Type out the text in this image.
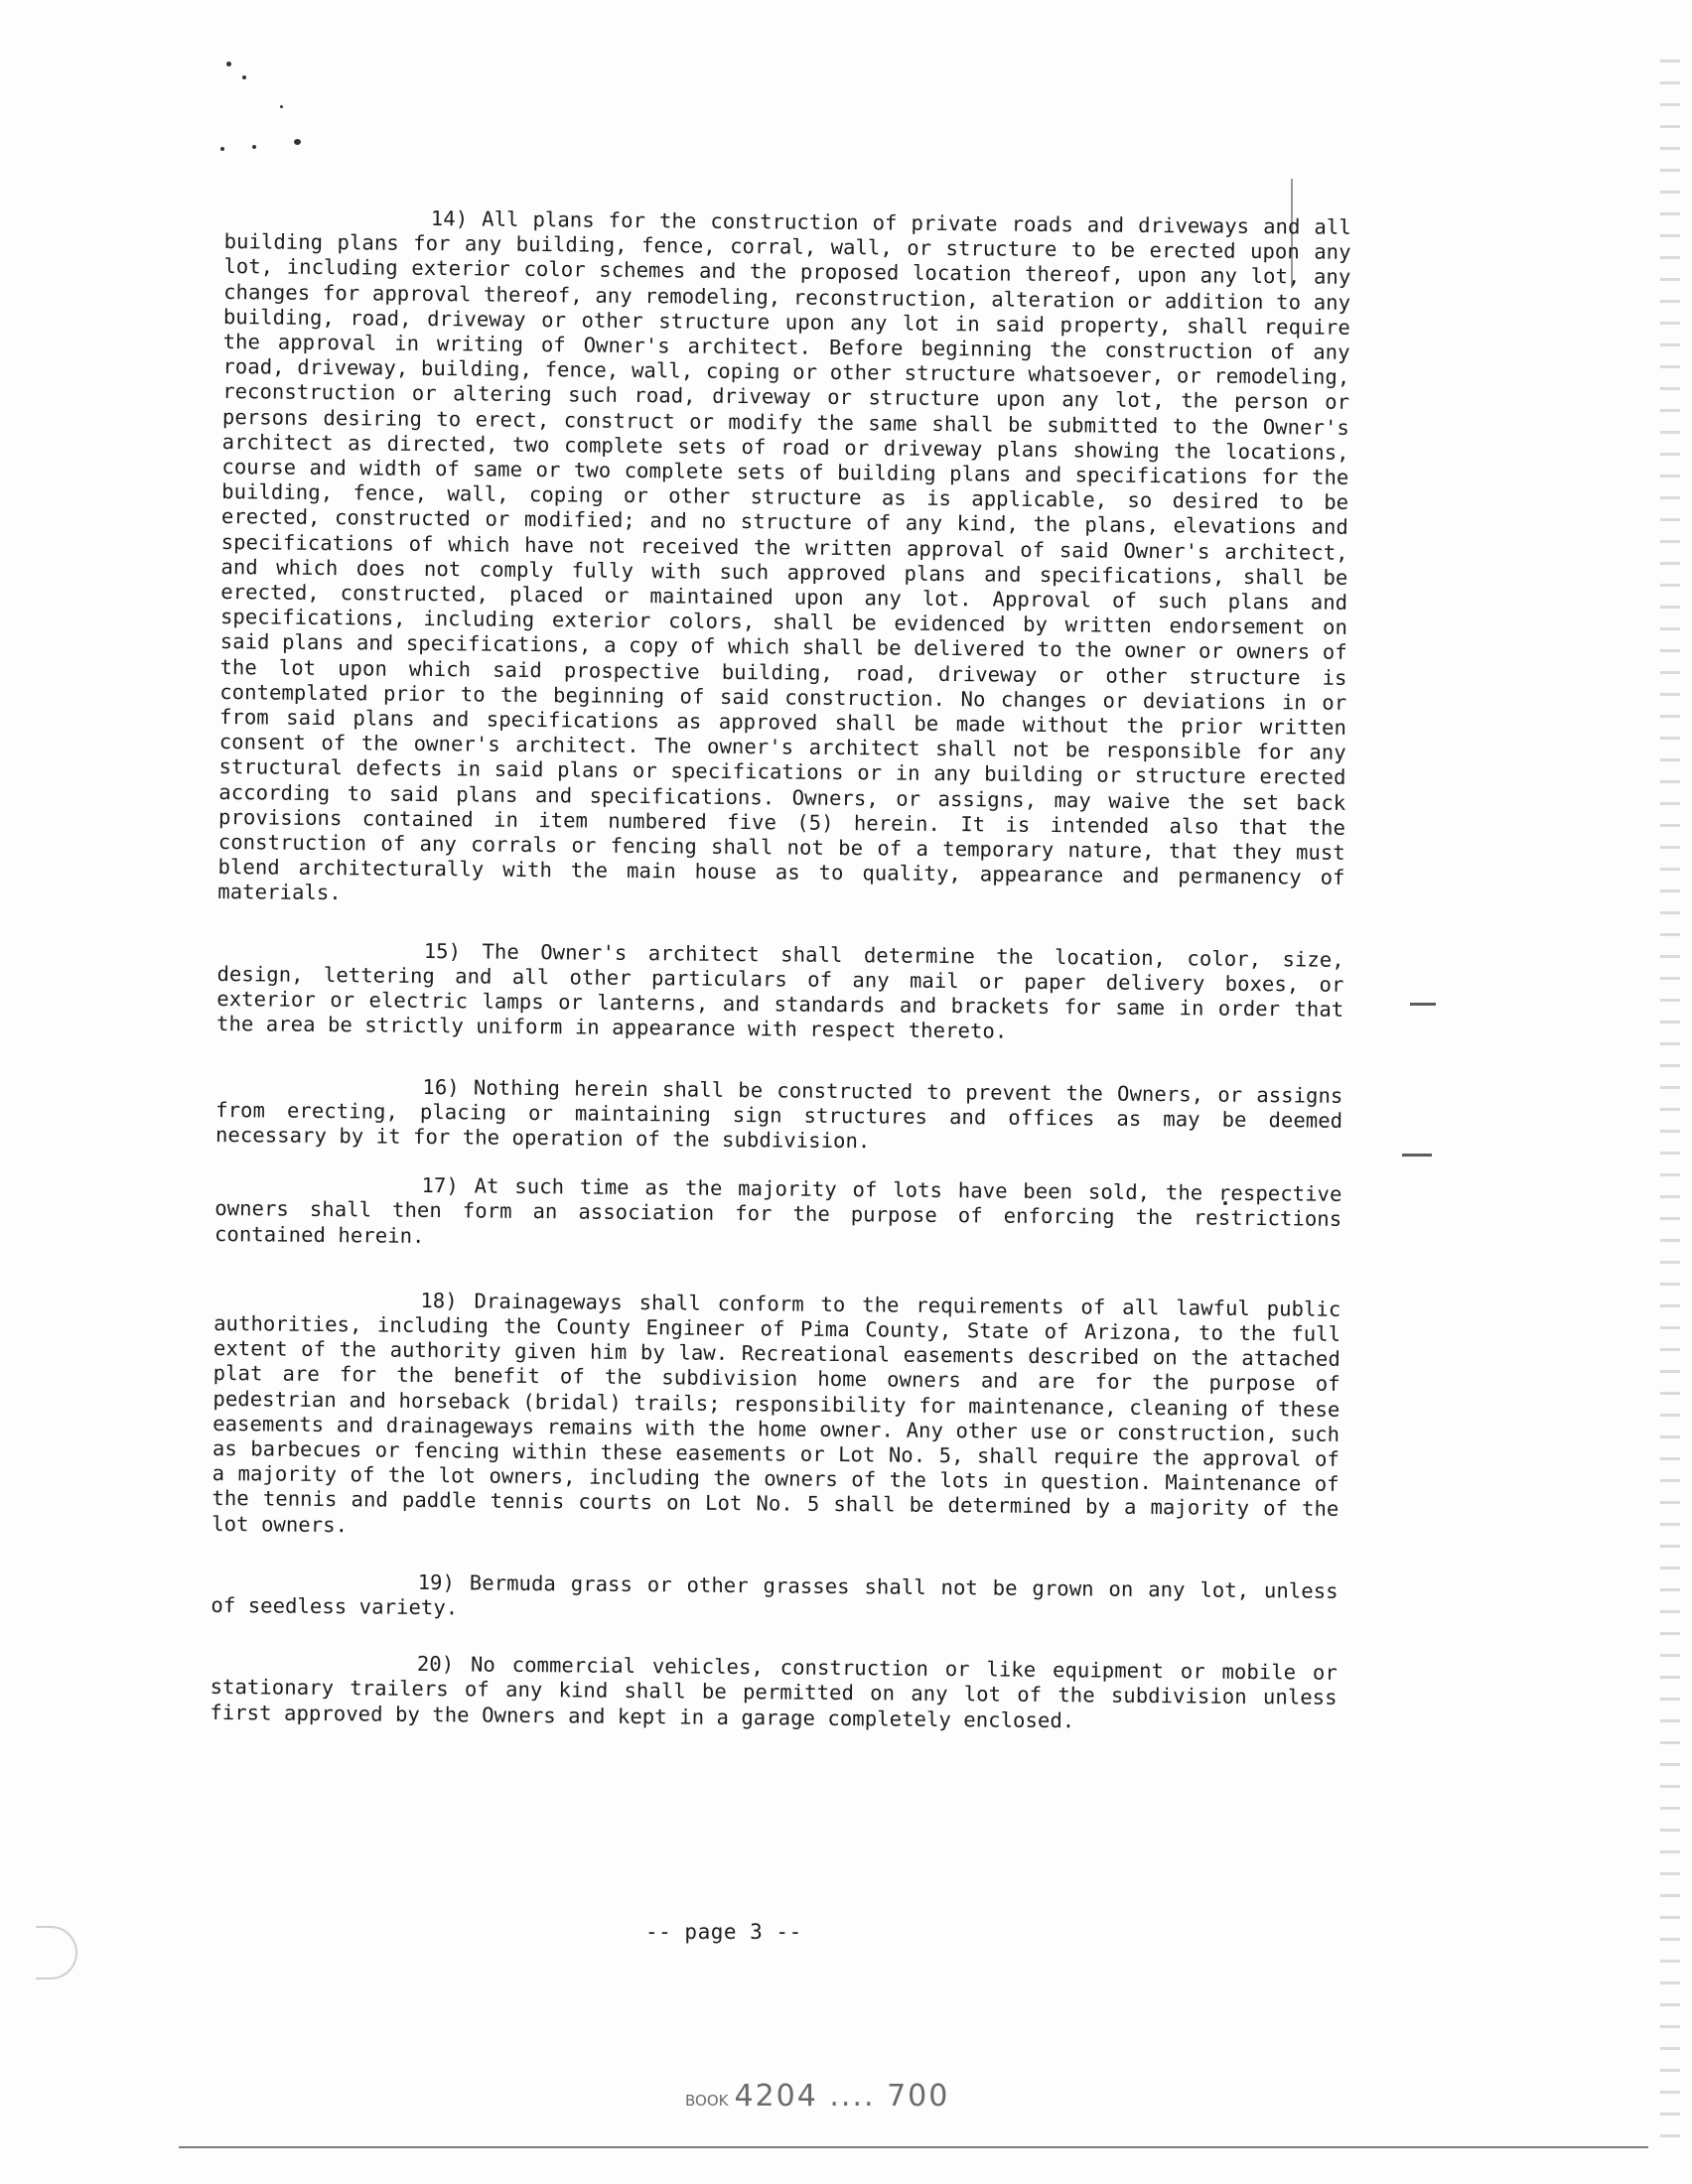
14) All plans for the construction of private roads and driveways and all building plans for any building, fence, corral, wall, or structure to be erected upon any lot, including exterior color schemes and the proposed location thereof, upon any lot, any changes for approval thereof, any remodeling, reconstruction, alteration or addition to any building, road, driveway or other structure upon any lot in said property, shall require the approval in writing of Owner's architect. Before beginning the construction of any road, driveway, building, fence, wall, coping or other structure whatsoever, or remodeling, reconstruction or altering such road, driveway or structure upon any lot, the person or persons desiring to erect, construct or modify the same shall be submitted to the Owner's architect as directed, two complete sets of road or driveway plans showing the locations, course and width of same or two complete sets of building plans and specifications for the building, fence, wall, coping or other structure as is applicable, so desired to be erected, constructed or modified; and no structure of any kind, the plans, elevations and specifications of which have not received the written approval of said Owner's architect, and which does not comply fully with such approved plans and specifications, shall be erected, constructed, placed or maintained upon any lot. Approval of such plans and specifications, including exterior colors, shall be evidenced by written endorsement on said plans and specifications, a copy of which shall be delivered to the owner or owners of the lot upon which said prospective building, road, driveway or other structure is contemplated prior to the beginning of said construction. No changes or deviations in or from said plans and specifications as approved shall be made without the prior written consent of the owner's architect. The owner's architect shall not be responsible for any structural defects in said plans or specifications or in any building or structure erected according to said plans and specifications. Owners, or assigns, may waive the set back provisions contained in item numbered five (5) herein. It is intended also that the construction of any corrals or fencing shall not be of a temporary nature, that they must blend architecturally with the main house as to quality, appearance and permanency of materials.

15) The Owner's architect shall determine the location, color, size, design, lettering and all other particulars of any mail or paper delivery boxes, or exterior or electric lamps or lanterns, and standards and brackets for same in order that the area be strictly uniform in appearance with respect thereto.

16) Nothing herein shall be constructed to prevent the Owners, or assigns from erecting, placing or maintaining sign structures and offices as may be deemed necessary by it for the operation of the subdivision.

17) At such time as the majority of lots have been sold, the respective owners shall then form an association for the purpose of enforcing the restrictions contained herein.

18) Drainageways shall conform to the requirements of all lawful public authorities, including the County Engineer of Pima County, State of Arizona, to the full extent of the authority given him by law. Recreational easements described on the attached plat are for the benefit of the subdivision home owners and are for the purpose of pedestrian and horseback (bridal) trails; responsibility for maintenance, cleaning of these easements and drainageways remains with the home owner. Any other use or construction, such as barbecues or fencing within these easements or Lot No. 5, shall require the approval of a majority of the lot owners, including the owners of the lots in question. Maintenance of the tennis and paddle tennis courts on Lot No. 5 shall be determined by a majority of the lot owners.

19) Bermuda grass or other grasses shall not be grown on any lot, unless of seedless variety.

20) No commercial vehicles, construction or like equipment or mobile or stationary trailers of any kind shall be permitted on any lot of the subdivision unless first approved by the Owners and kept in a garage completely enclosed.

-- page 3 --
BOOK 4204 .... 700
